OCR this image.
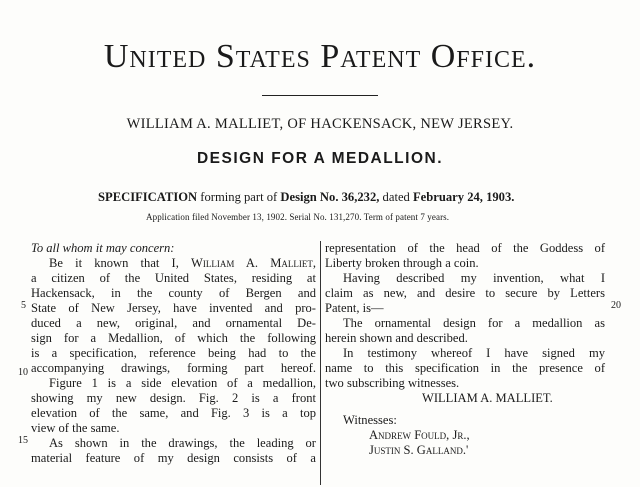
United States Patent Office.
WILLIAM A. MALLIET, OF HACKENSACK, NEW JERSEY.
DESIGN FOR A MEDALLION.
SPECIFICATION forming part of Design No. 36,232, dated February 24, 1903.
Application filed November 13, 1902. Serial No. 131,270. Term of patent 7 years.
To all whom it may concern:
Be it known that I, William A. Malliet,
a citizen of the United States, residing at
Hackensack, in the county of Bergen and
State of New Jersey, have invented and pro-
duced a new, original, and ornamental De-
sign for a Medallion, of which the following
is a specification, reference being had to the
accompanying drawings, forming part hereof.
Figure 1 is a side elevation of a medallion,
showing my new design. Fig. 2 is a front
elevation of the same, and Fig. 3 is a top
view of the same.
As shown in the drawings, the leading or
material feature of my design consists of a
representation of the head of the Goddess of
Liberty broken through a coin.
Having described my invention, what I
claim as new, and desire to secure by Letters
Patent, is—
The ornamental design for a medallion as
herein shown and described.
In testimony whereof I have signed my
name to this specification in the presence of
two subscribing witnesses.
WILLIAM A. MALLIET.
Witnesses:
Andrew Fould, Jr.,
Justin S. Galland.'
5
10
15
20
